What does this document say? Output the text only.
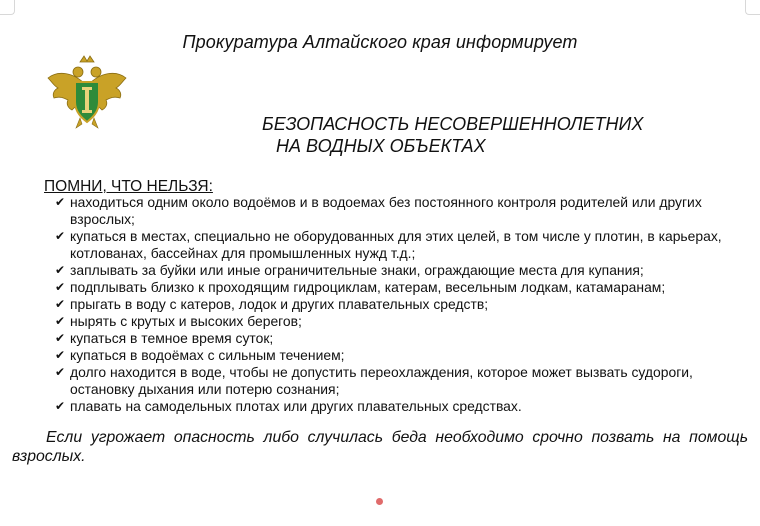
Прокуратура Алтайского края информирует
БЕЗОПАСНОСТЬ НЕСОВЕРШЕННОЛЕТНИХ
НА ВОДНЫХ ОБЪЕКТАХ
ПОМНИ, ЧТО НЕЛЬЗЯ:
✔ находиться одним около водоёмов и в водоемах без постоянного контроля родителей или других взрослых;
✔ купаться в местах, специально не оборудованных для этих целей, в том числе у плотин, в карьерах, котлованах, бассейнах для промышленных нужд т.д.;
✔ заплывать за буйки или иные ограничительные знаки, ограждающие места для купания;
✔ подплывать близко к проходящим гидроциклам, катерам, весельным лодкам, катамаранам;
✔ прыгать в воду с катеров, лодок и других плавательных средств;
✔ нырять с крутых и высоких берегов;
✔ купаться в темное время суток;
✔ купаться в водоёмах с сильным течением;
✔ долго находится в воде, чтобы не допустить переохлаждения, которое может вызвать судороги, остановку дыхания или потерю сознания;
✔ плавать на самодельных плотах или других плавательных средствах.
Если угрожает опасность либо случилась беда необходимо срочно позвать на помощь взрослых.
